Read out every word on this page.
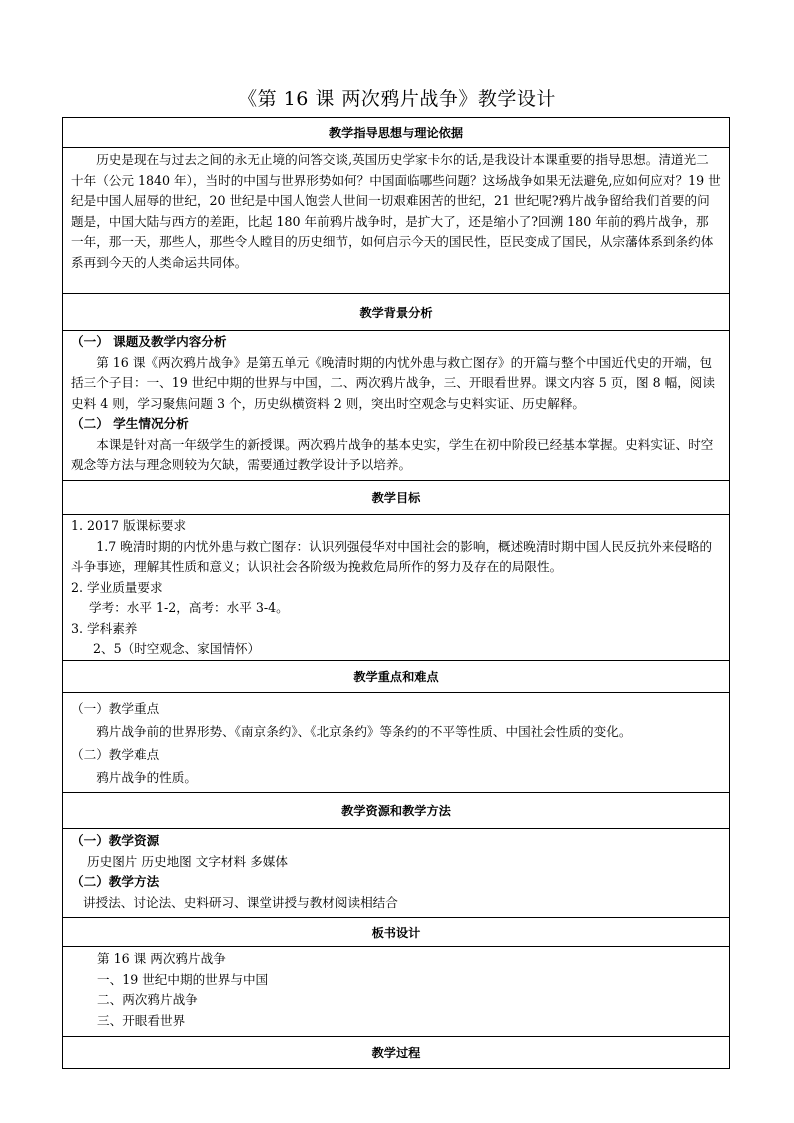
《第 16 课 两次鸦片战争》教学设计
教学指导思想与理论依据

历史是现在与过去之间的永无止境的问答交谈,英国历史学家卡尔的话,是我设计本课重要的指导思想。清道光二十年（公元 1840 年），当时的中国与世界形势如何？中国面临哪些问题？这场战争如果无法避免,应如何应对？19 世纪是中国人屈辱的世纪，20 世纪是中国人饱尝人世间一切艰难困苦的世纪，21 世纪呢?鸦片战争留给我们首要的问题是，中国大陆与西方的差距，比起 180 年前鸦片战争时，是扩大了，还是缩小了?回溯 180 年前的鸦片战争，那一年，那一天，那些人，那些令人瞠目的历史细节，如何启示今天的国民性，臣民变成了国民，从宗藩体系到条约体系再到今天的人类命运共同体。

教学背景分析

（一） 课题及教学内容分析
第 16 课《两次鸦片战争》是第五单元《晚清时期的内忧外患与救亡图存》的开篇与整个中国近代史的开端，包括三个子目：一、19 世纪中期的世界与中国，二、两次鸦片战争，三、开眼看世界。课文内容 5 页，图 8 幅，阅读史料 4 则，学习聚焦问题 3 个，历史纵横资料 2 则，突出时空观念与史料实证、历史解释。
（二） 学生情况分析
本课是针对高一年级学生的新授课。两次鸦片战争的基本史实，学生在初中阶段已经基本掌握。史料实证、时空观念等方法与理念则较为欠缺，需要通过教学设计予以培养。

教学目标

1. 2017 版课标要求
1.7 晚清时期的内忧外患与救亡图存：认识列强侵华对中国社会的影响，概述晚清时期中国人民反抗外来侵略的斗争事迹，理解其性质和意义；认识社会各阶级为挽救危局所作的努力及存在的局限性。
2. 学业质量要求
学考：水平 1-2，高考：水平 3-4。
3. 学科素养
2、5（时空观念、家国情怀）

教学重点和难点

（一）教学重点
鸦片战争前的世界形势、《南京条约》、《北京条约》等条约的不平等性质、中国社会性质的变化。
（二）教学难点
鸦片战争的性质。

教学资源和教学方法

（一）教学资源
历史图片 历史地图 文字材料 多媒体
（二）教学方法
讲授法、讨论法、史料研习、课堂讲授与教材阅读相结合

板书设计

第 16 课 两次鸦片战争
一、19 世纪中期的世界与中国
二、两次鸦片战争
三、开眼看世界

教学过程
